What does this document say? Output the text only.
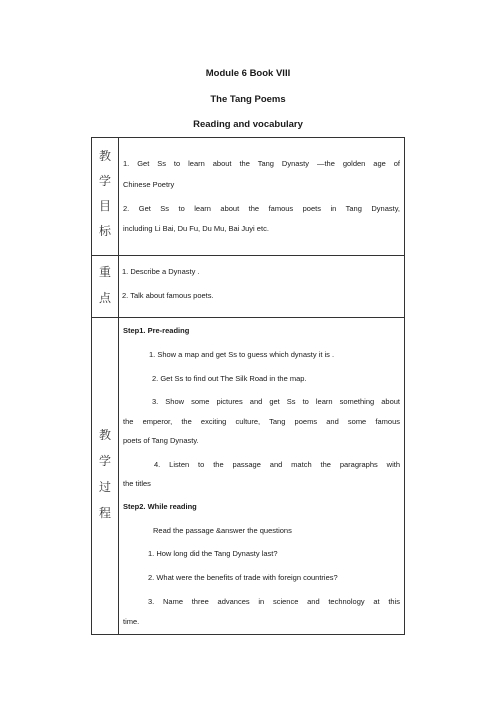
Module 6 Book VIII
The Tang Poems
Reading and vocabulary
教
学
目
标
1. Get Ss to learn about the Tang Dynasty —the golden age of
Chinese Poetry
2. Get Ss to learn about the famous poets in Tang Dynasty,
including Li Bai, Du Fu, Du Mu, Bai Juyi etc.
重
点
1. Describe a Dynasty .
2. Talk about famous poets.
教
学
过
程
Step1. Pre-reading
1. Show a map and get Ss to guess which dynasty it is .
2. Get Ss to find out The Silk Road in the map.
3. Show some pictures and get Ss to learn something about
the emperor, the exciting culture, Tang poems and some famous
poets of Tang Dynasty.
4. Listen to the passage and match the paragraphs with
the titles
Step2. While reading
Read the passage &answer the questions
1. How long did the Tang Dynasty last?
2. What were the benefits of trade with foreign countries?
3. Name three advances in science and technology at this
time.
